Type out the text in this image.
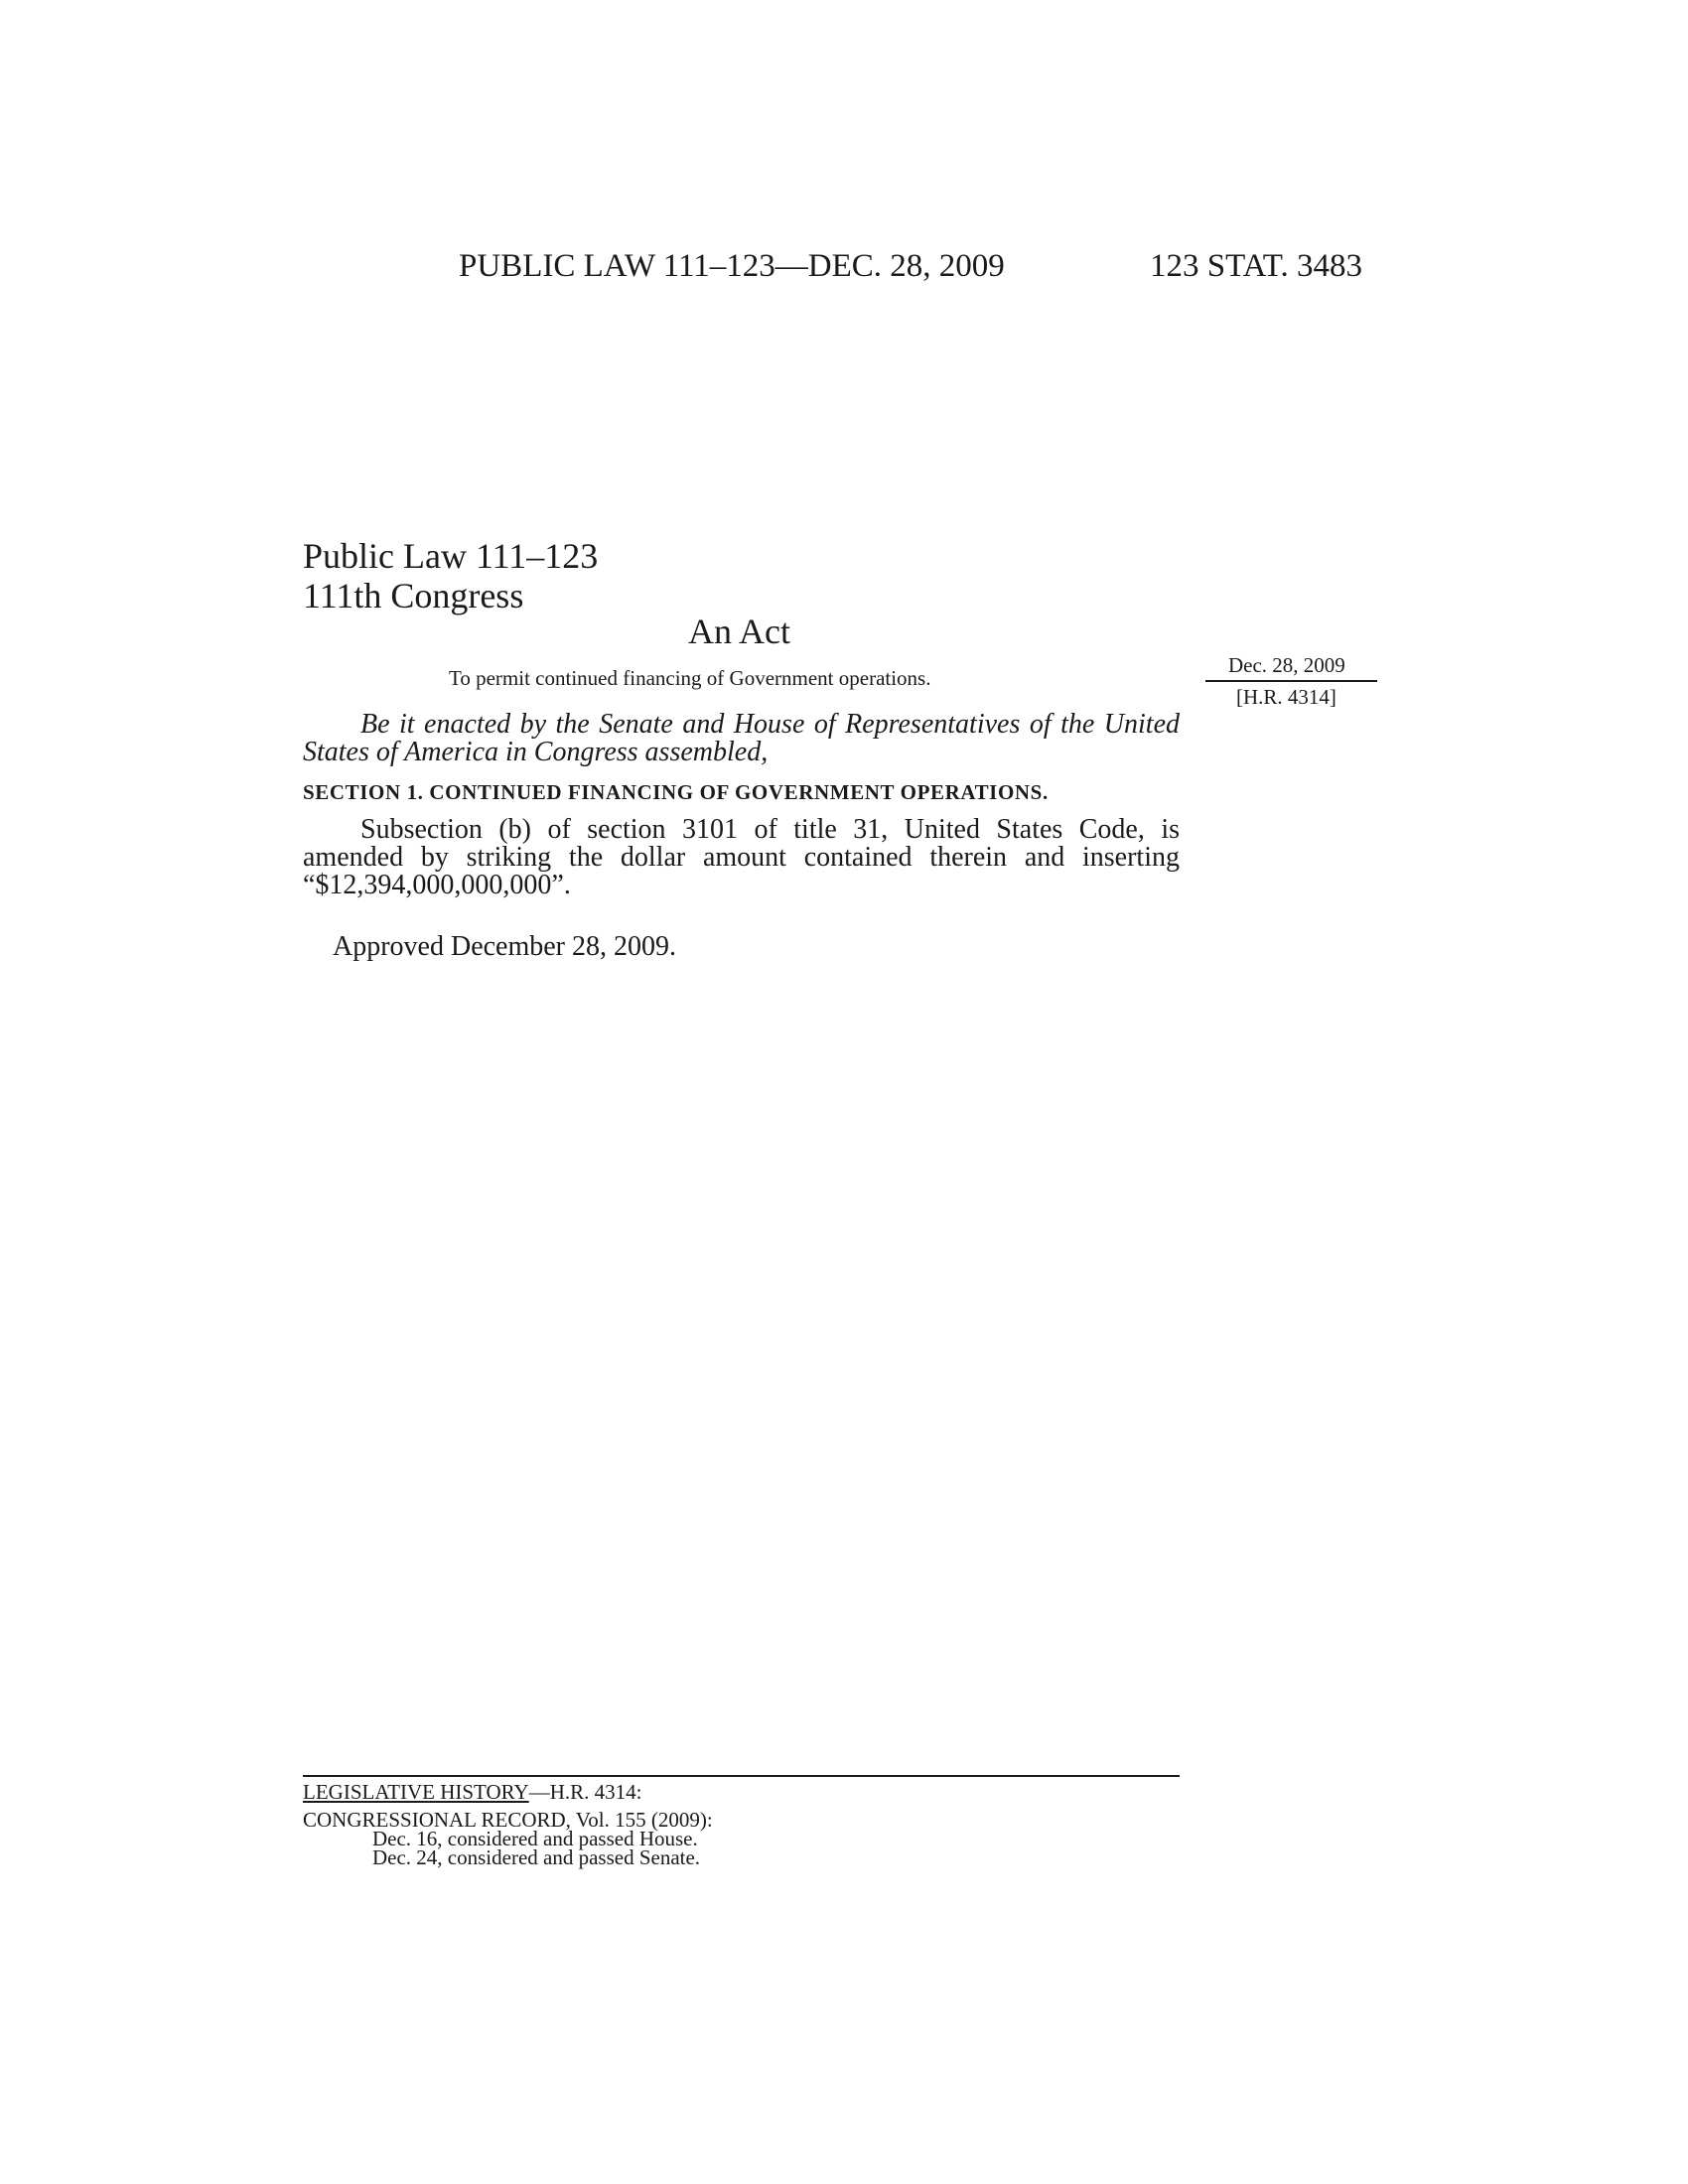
PUBLIC LAW 111–123—DEC. 28, 2009	123 STAT. 3483
Public Law 111–123
111th Congress
An Act
To permit continued financing of Government operations.
Dec. 28, 2009
[H.R. 4314]
Be it enacted by the Senate and House of Representatives of the United States of America in Congress assembled,
SECTION 1. CONTINUED FINANCING OF GOVERNMENT OPERATIONS.
Subsection (b) of section 3101 of title 31, United States Code, is amended by striking the dollar amount contained therein and inserting “$12,394,000,000,000”.
Approved December 28, 2009.
LEGISLATIVE HISTORY—H.R. 4314:
CONGRESSIONAL RECORD, Vol. 155 (2009):
Dec. 16, considered and passed House.
Dec. 24, considered and passed Senate.
